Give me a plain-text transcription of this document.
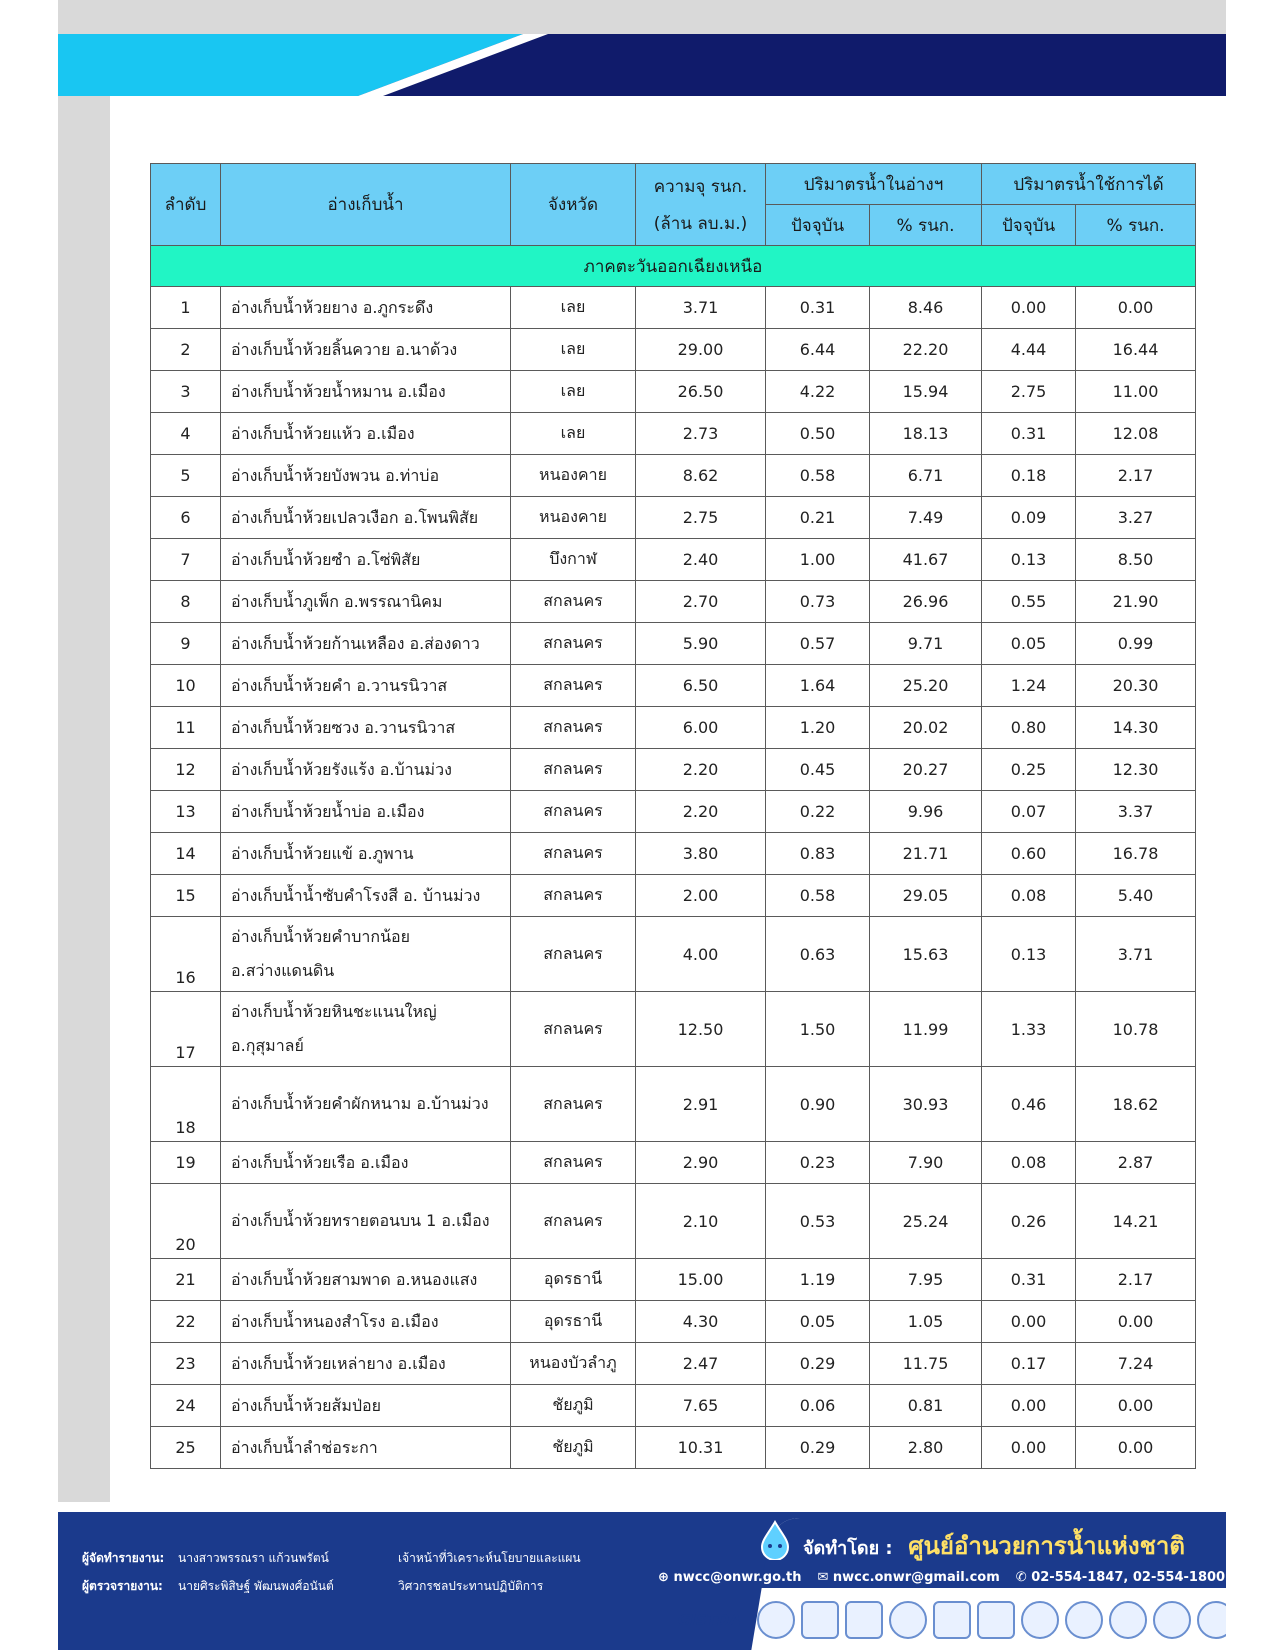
ลำดับ	อ่างเก็บน้ำ	จังหวัด	ความจุ รนก.
(ล้าน ลบ.ม.)	ปริมาตรน้ำในอ่างฯ		ปริมาตรน้ำใช้การได้	
				ปัจจุบัน	% รนก.	ปัจจุบัน	% รนก.
ภาคตะวันออกเฉียงเหนือ							
1	อ่างเก็บน้ำห้วยยาง อ.ภูกระดึง	เลย	3.71	0.31	8.46	0.00	0.00
2	อ่างเก็บน้ำห้วยลิ้นควาย อ.นาด้วง	เลย	29.00	6.44	22.20	4.44	16.44
3	อ่างเก็บน้ำห้วยน้ำหมาน อ.เมือง	เลย	26.50	4.22	15.94	2.75	11.00
4	อ่างเก็บน้ำห้วยแห้ว อ.เมือง	เลย	2.73	0.50	18.13	0.31	12.08
5	อ่างเก็บน้ำห้วยบังพวน อ.ท่าบ่อ	หนองคาย	8.62	0.58	6.71	0.18	2.17
6	อ่างเก็บน้ำห้วยเปลวเงือก อ.โพนพิสัย	หนองคาย	2.75	0.21	7.49	0.09	3.27
7	อ่างเก็บน้ำห้วยซำ อ.โซ่พิสัย	บึงกาฬ	2.40	1.00	41.67	0.13	8.50
8	อ่างเก็บน้ำภูเพ็ก อ.พรรณานิคม	สกลนคร	2.70	0.73	26.96	0.55	21.90
9	อ่างเก็บน้ำห้วยก้านเหลือง อ.ส่องดาว	สกลนคร	5.90	0.57	9.71	0.05	0.99
10	อ่างเก็บน้ำห้วยคำ อ.วานรนิวาส	สกลนคร	6.50	1.64	25.20	1.24	20.30
11	อ่างเก็บน้ำห้วยซวง อ.วานรนิวาส	สกลนคร	6.00	1.20	20.02	0.80	14.30
12	อ่างเก็บน้ำห้วยรังแร้ง อ.บ้านม่วง	สกลนคร	2.20	0.45	20.27	0.25	12.30
13	อ่างเก็บน้ำห้วยน้ำบ่อ อ.เมือง	สกลนคร	2.20	0.22	9.96	0.07	3.37
14	อ่างเก็บน้ำห้วยแข้ อ.ภูพาน	สกลนคร	3.80	0.83	21.71	0.60	16.78
15	อ่างเก็บน้ำน้ำซับคำโรงสี อ. บ้านม่วง	สกลนคร	2.00	0.58	29.05	0.08	5.40
16	อ่างเก็บน้ำห้วยคำบากน้อย อ.สว่างแดนดิน	สกลนคร	4.00	0.63	15.63	0.13	3.71
17	อ่างเก็บน้ำห้วยหินชะแนนใหญ่ อ.กุสุมาลย์	สกลนคร	12.50	1.50	11.99	1.33	10.78
18	อ่างเก็บน้ำห้วยคำผักหนาม อ.บ้านม่วง	สกลนคร	2.91	0.90	30.93	0.46	18.62
19	อ่างเก็บน้ำห้วยเรือ อ.เมือง	สกลนคร	2.90	0.23	7.90	0.08	2.87
20	อ่างเก็บน้ำห้วยทรายตอนบน 1 อ.เมือง	สกลนคร	2.10	0.53	25.24	0.26	14.21
21	อ่างเก็บน้ำห้วยสามพาด อ.หนองแสง	อุดรธานี	15.00	1.19	7.95	0.31	2.17
22	อ่างเก็บน้ำหนองสำโรง อ.เมือง	อุดรธานี	4.30	0.05	1.05	0.00	0.00
23	อ่างเก็บน้ำห้วยเหล่ายาง อ.เมือง	หนองบัวลำภู	2.47	0.29	11.75	0.17	7.24
24	อ่างเก็บน้ำห้วยส้มป่อย	ชัยภูมิ	7.65	0.06	0.81	0.00	0.00
25	อ่างเก็บน้ำลำช่อระกา	ชัยภูมิ	10.31	0.29	2.80	0.00	0.00
ผู้จัดทำรายงาน:	นางสาวพรรณรา แก้วนพรัตน์	เจ้าหน้าที่วิเคราะห์นโยบายและแผน
ผู้ตรวจรายงาน:	นายศิระพิสิษฐ์ พัฒนพงศ์อนันต์	วิศวกรชลประทานปฏิบัติการ
จัดทำโดย : ศูนย์อำนวยการน้ำแห่งชาติ
⊕ nwcc@onwr.go.th ✉ nwcc.onwr@gmail.com ✆ 02-554-1847, 02-554-1800
GISTDA
